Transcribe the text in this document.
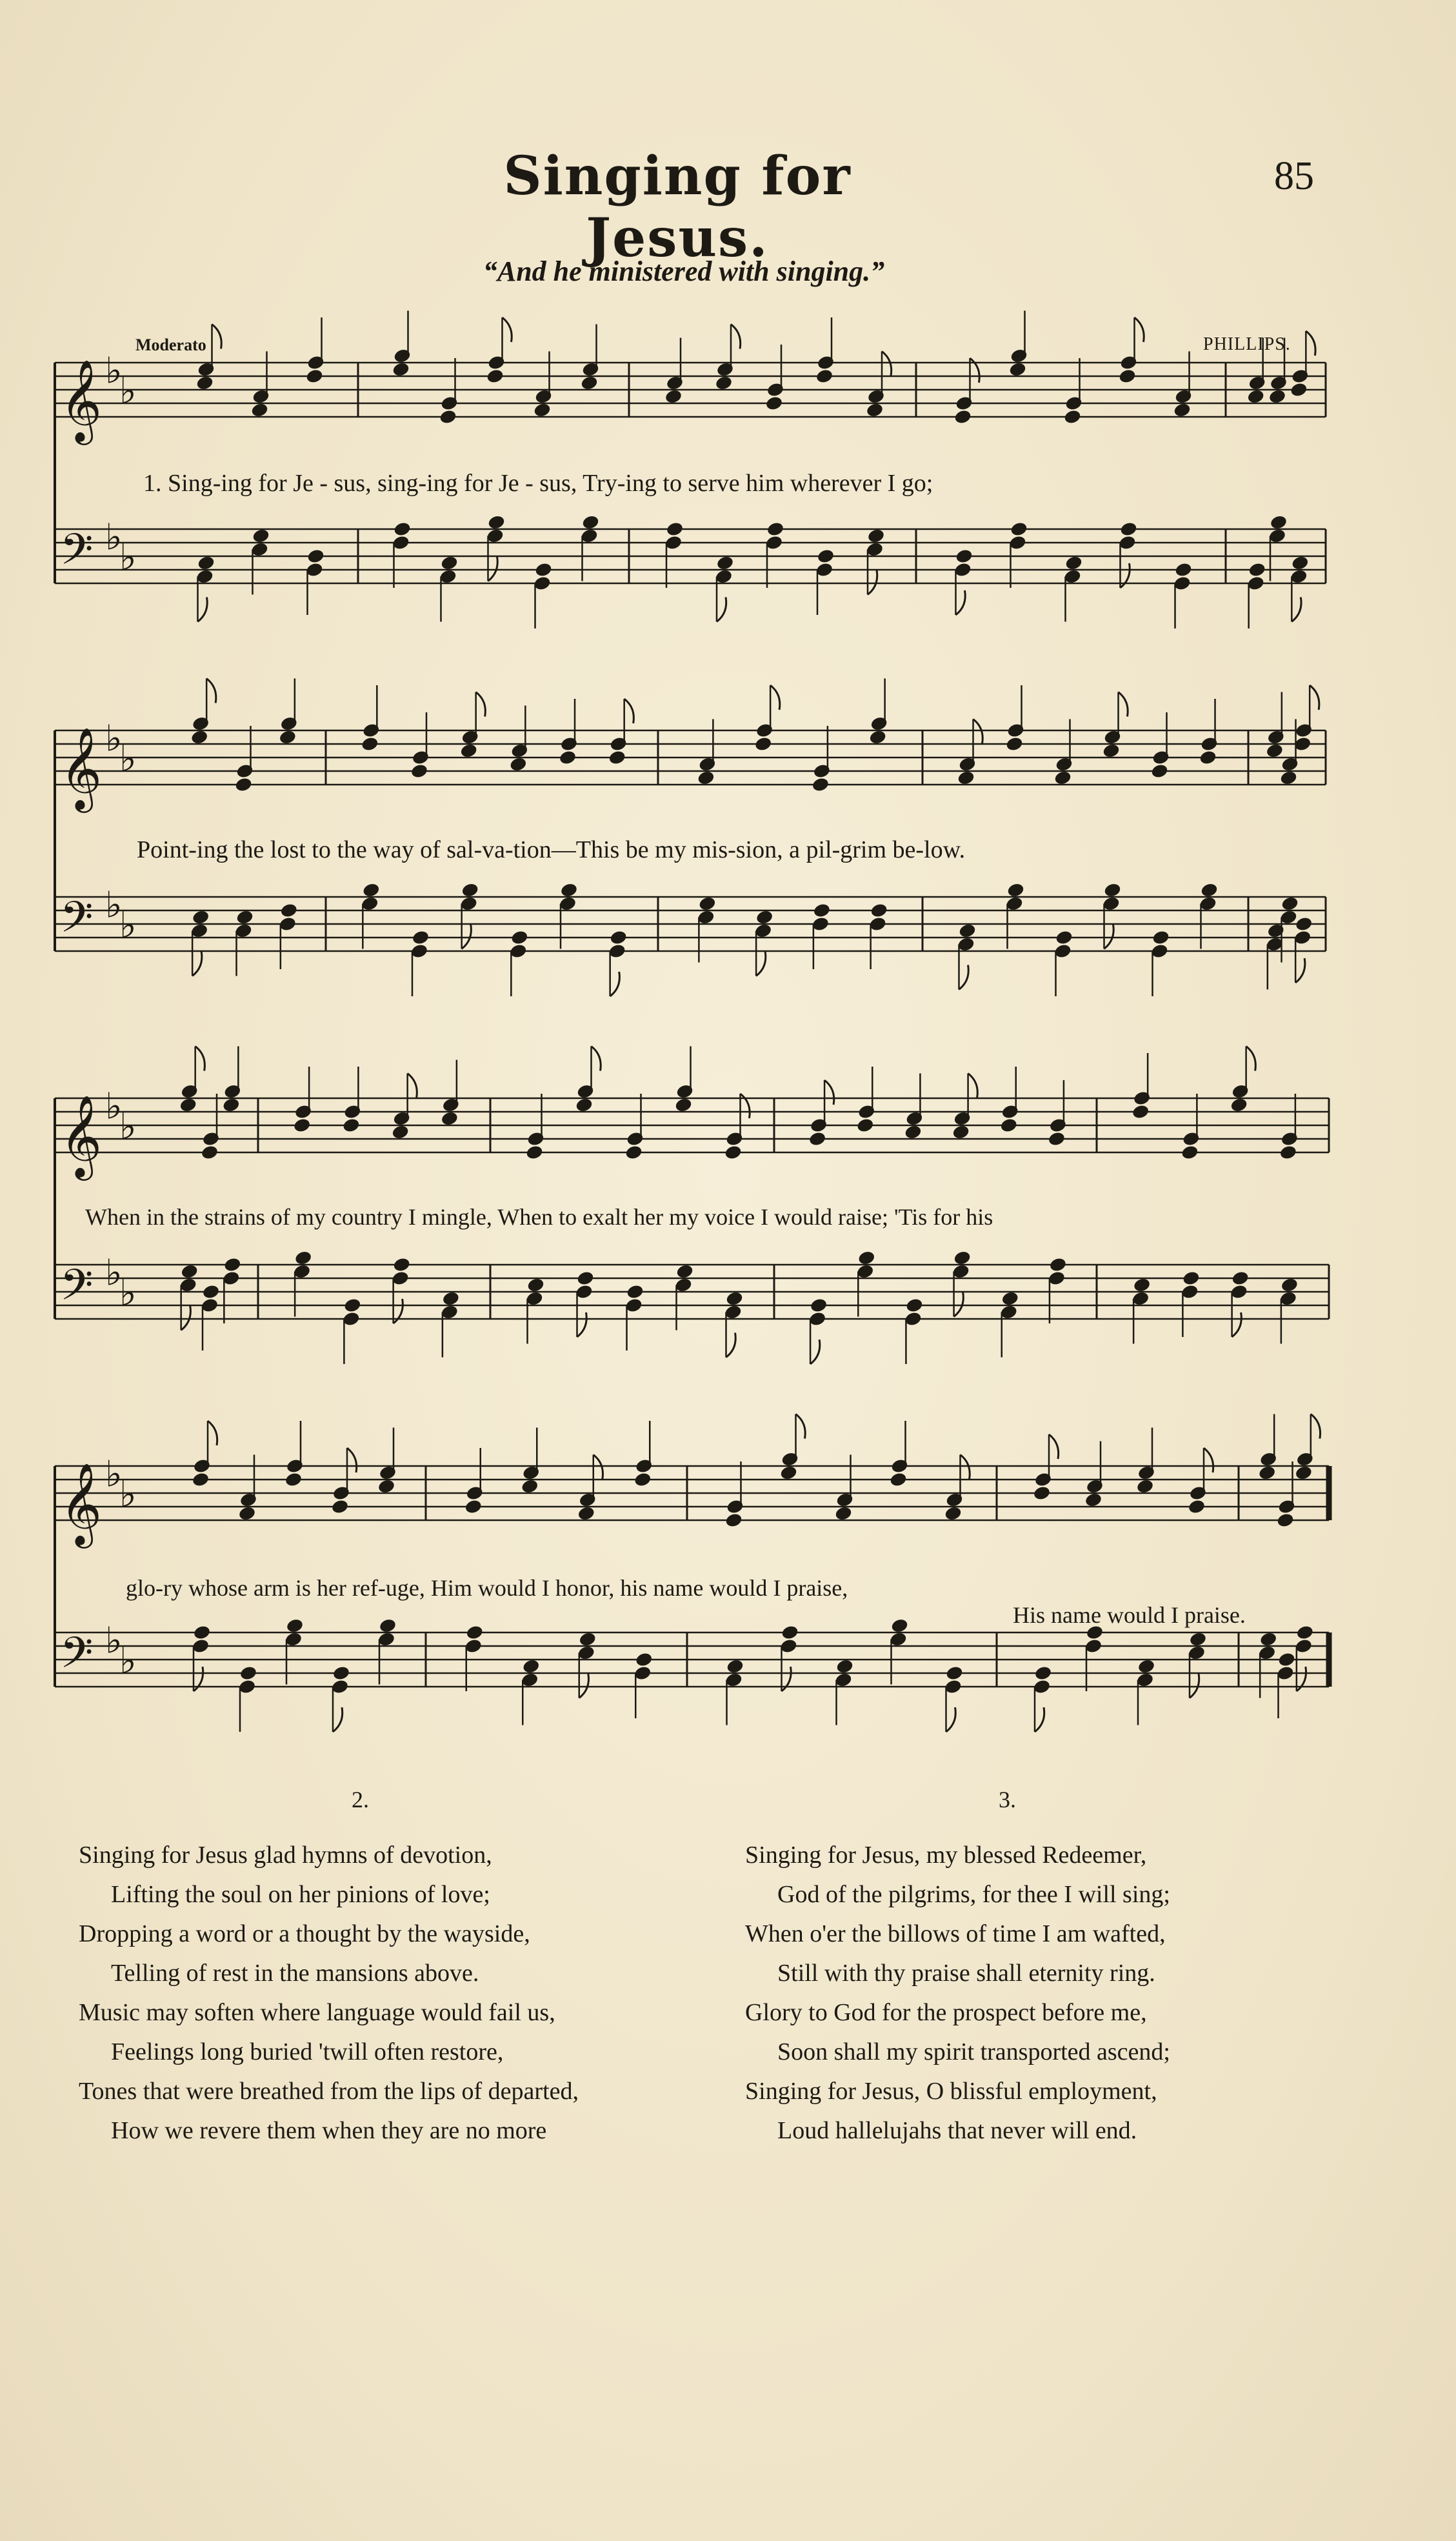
Singing for Jesus.
85
“And he ministered with singing.”
Moderato	PHILLIPS.
𝄞 ♭
♭
𝄢 ♭
♭
𝄞 ♭
♭
𝄢 ♭
♭
𝄞 ♭
♭
𝄢 ♭
♭
𝄞 ♭
♭
𝄢 ♭
♭
1. Sing-ing for Je - sus, sing-ing for Je - sus, Try-ing to serve him wherever I go;
Point-ing the lost to the way of sal-va-tion—This be my mis-sion, a pil-grim be-low.
When in the strains of my country I mingle, When to exalt her my voice I would raise; 'Tis for his
glo-ry whose arm is her ref-uge, Him would I honor, his name would I praise,
His name would I praise.
2.	3.
Singing for Jesus glad hymns of devotion,
Lifting the soul on her pinions of love;
Dropping a word or a thought by the wayside,
Telling of rest in the mansions above.
Music may soften where language would fail us,
Feelings long buried 'twill often restore,
Tones that were breathed from the lips of departed,
How we revere them when they are no more
Singing for Jesus, my blessed Redeemer,
God of the pilgrims, for thee I will sing;
When o'er the billows of time I am wafted,
Still with thy praise shall eternity ring.
Glory to God for the prospect before me,
Soon shall my spirit transported ascend;
Singing for Jesus, O blissful employment,
Loud hallelujahs that never will end.
